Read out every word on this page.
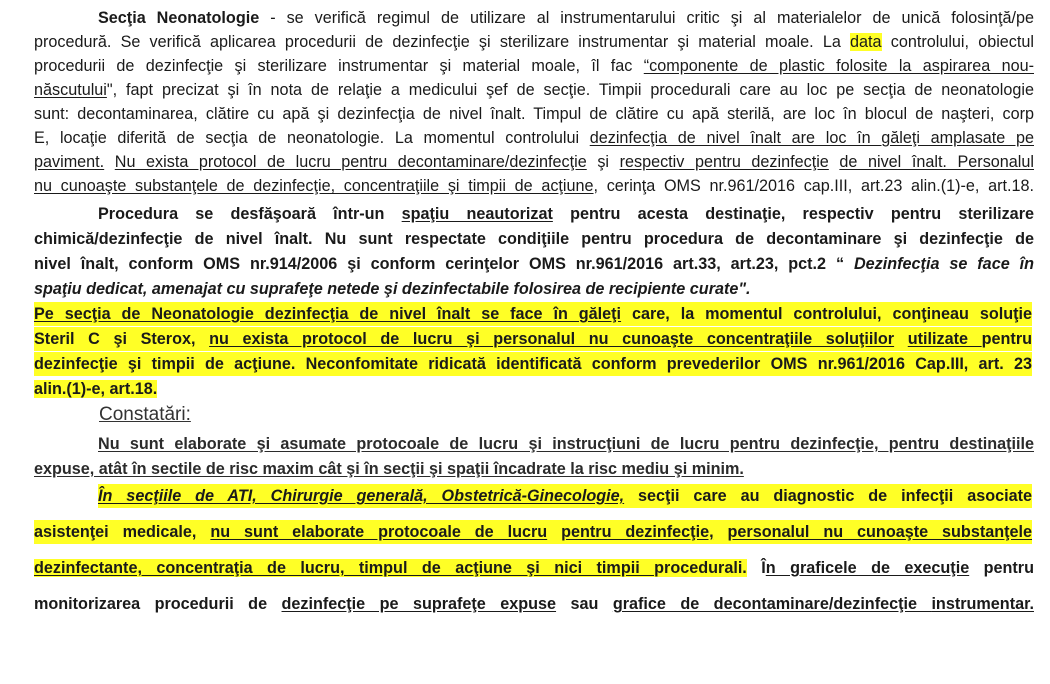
Secţia Neonatologie - se verifică regimul de utilizare al instrumentarului critic şi al materialelor de unică folosinţă/pe
procedură. Se verifică aplicarea procedurii de dezinfecţie şi sterilizare instrumentar şi material moale. La data controlului, obiectul
procedurii de dezinfecţie şi sterilizare instrumentar şi material moale, îl fac “componente de plastic folosite la aspirarea nou-
născutului", fapt precizat şi în nota de relaţie a medicului şef de secţie. Timpii procedurali care au loc pe secţia de neonatologie
sunt: decontaminarea, clătire cu apă şi dezinfecţia de nivel înalt. Timpul de clătire cu apă sterilă, are loc în blocul de naşteri, corp
E, locaţie diferită de secţia de neonatologie. La momentul controlului dezinfecţia de nivel înalt are loc în găleţi amplasate pe
paviment. Nu exista protocol de lucru pentru decontaminare/dezinfecţie şi respectiv pentru dezinfecţie de nivel înalt. Personalul
nu cunoaşte substanţele de dezinfecţie, concentraţiile şi timpii de acţiune, cerinţa OMS nr.961/2016 cap.III, art.23 alin.(1)-e, art.18.
Procedura se desfăşoară într-un spaţiu neautorizat pentru acesta destinaţie, respectiv pentru sterilizare
chimică/dezinfecţie de nivel înalt. Nu sunt respectate condiţiile pentru procedura de decontaminare şi dezinfecţie de
nivel înalt, conform OMS nr.914/2006 şi conform cerinţelor OMS nr.961/2016 art.33, art.23, pct.2 “ Dezinfecţia se face în
spaţiu dedicat, amenajat cu suprafeţe netede şi dezinfectabile folosirea de recipiente curate".
Pe secţia de Neonatologie dezinfecţia de nivel înalt se face în găleţi care, la momentul controlului, conţineau soluţie
Steril C şi Sterox, nu exista protocol de lucru şi personalul nu cunoaşte concentraţiile soluţiilor utilizate pentru
dezinfecţie şi timpii de acţiune. Neconfomitate ridicată identificată conform prevederilor OMS nr.961/2016 Cap.III, art. 23
alin.(1)-e, art.18.
Constatări:
Nu sunt elaborate şi asumate protocoale de lucru şi instrucţiuni de lucru pentru dezinfecţie, pentru destinaţiile
expuse, atât în sectile de risc maxim cât şi în secţii şi spaţii încadrate la risc mediu şi minim.
În secţiile de ATI, Chirurgie generală, Obstetrică-Ginecologie, secţii care au diagnostic de infecţii asociate
asistenţei medicale, nu sunt elaborate protocoale de lucru pentru dezinfecţie, personalul nu cunoaşte substanţele
dezinfectante, concentraţia de lucru, timpul de acţiune şi nici timpii procedurali. În graficele de execuţie pentru
monitorizarea procedurii de dezinfecţie pe suprafeţe expuse sau grafice de decontaminare/dezinfecţie instrumentar.
